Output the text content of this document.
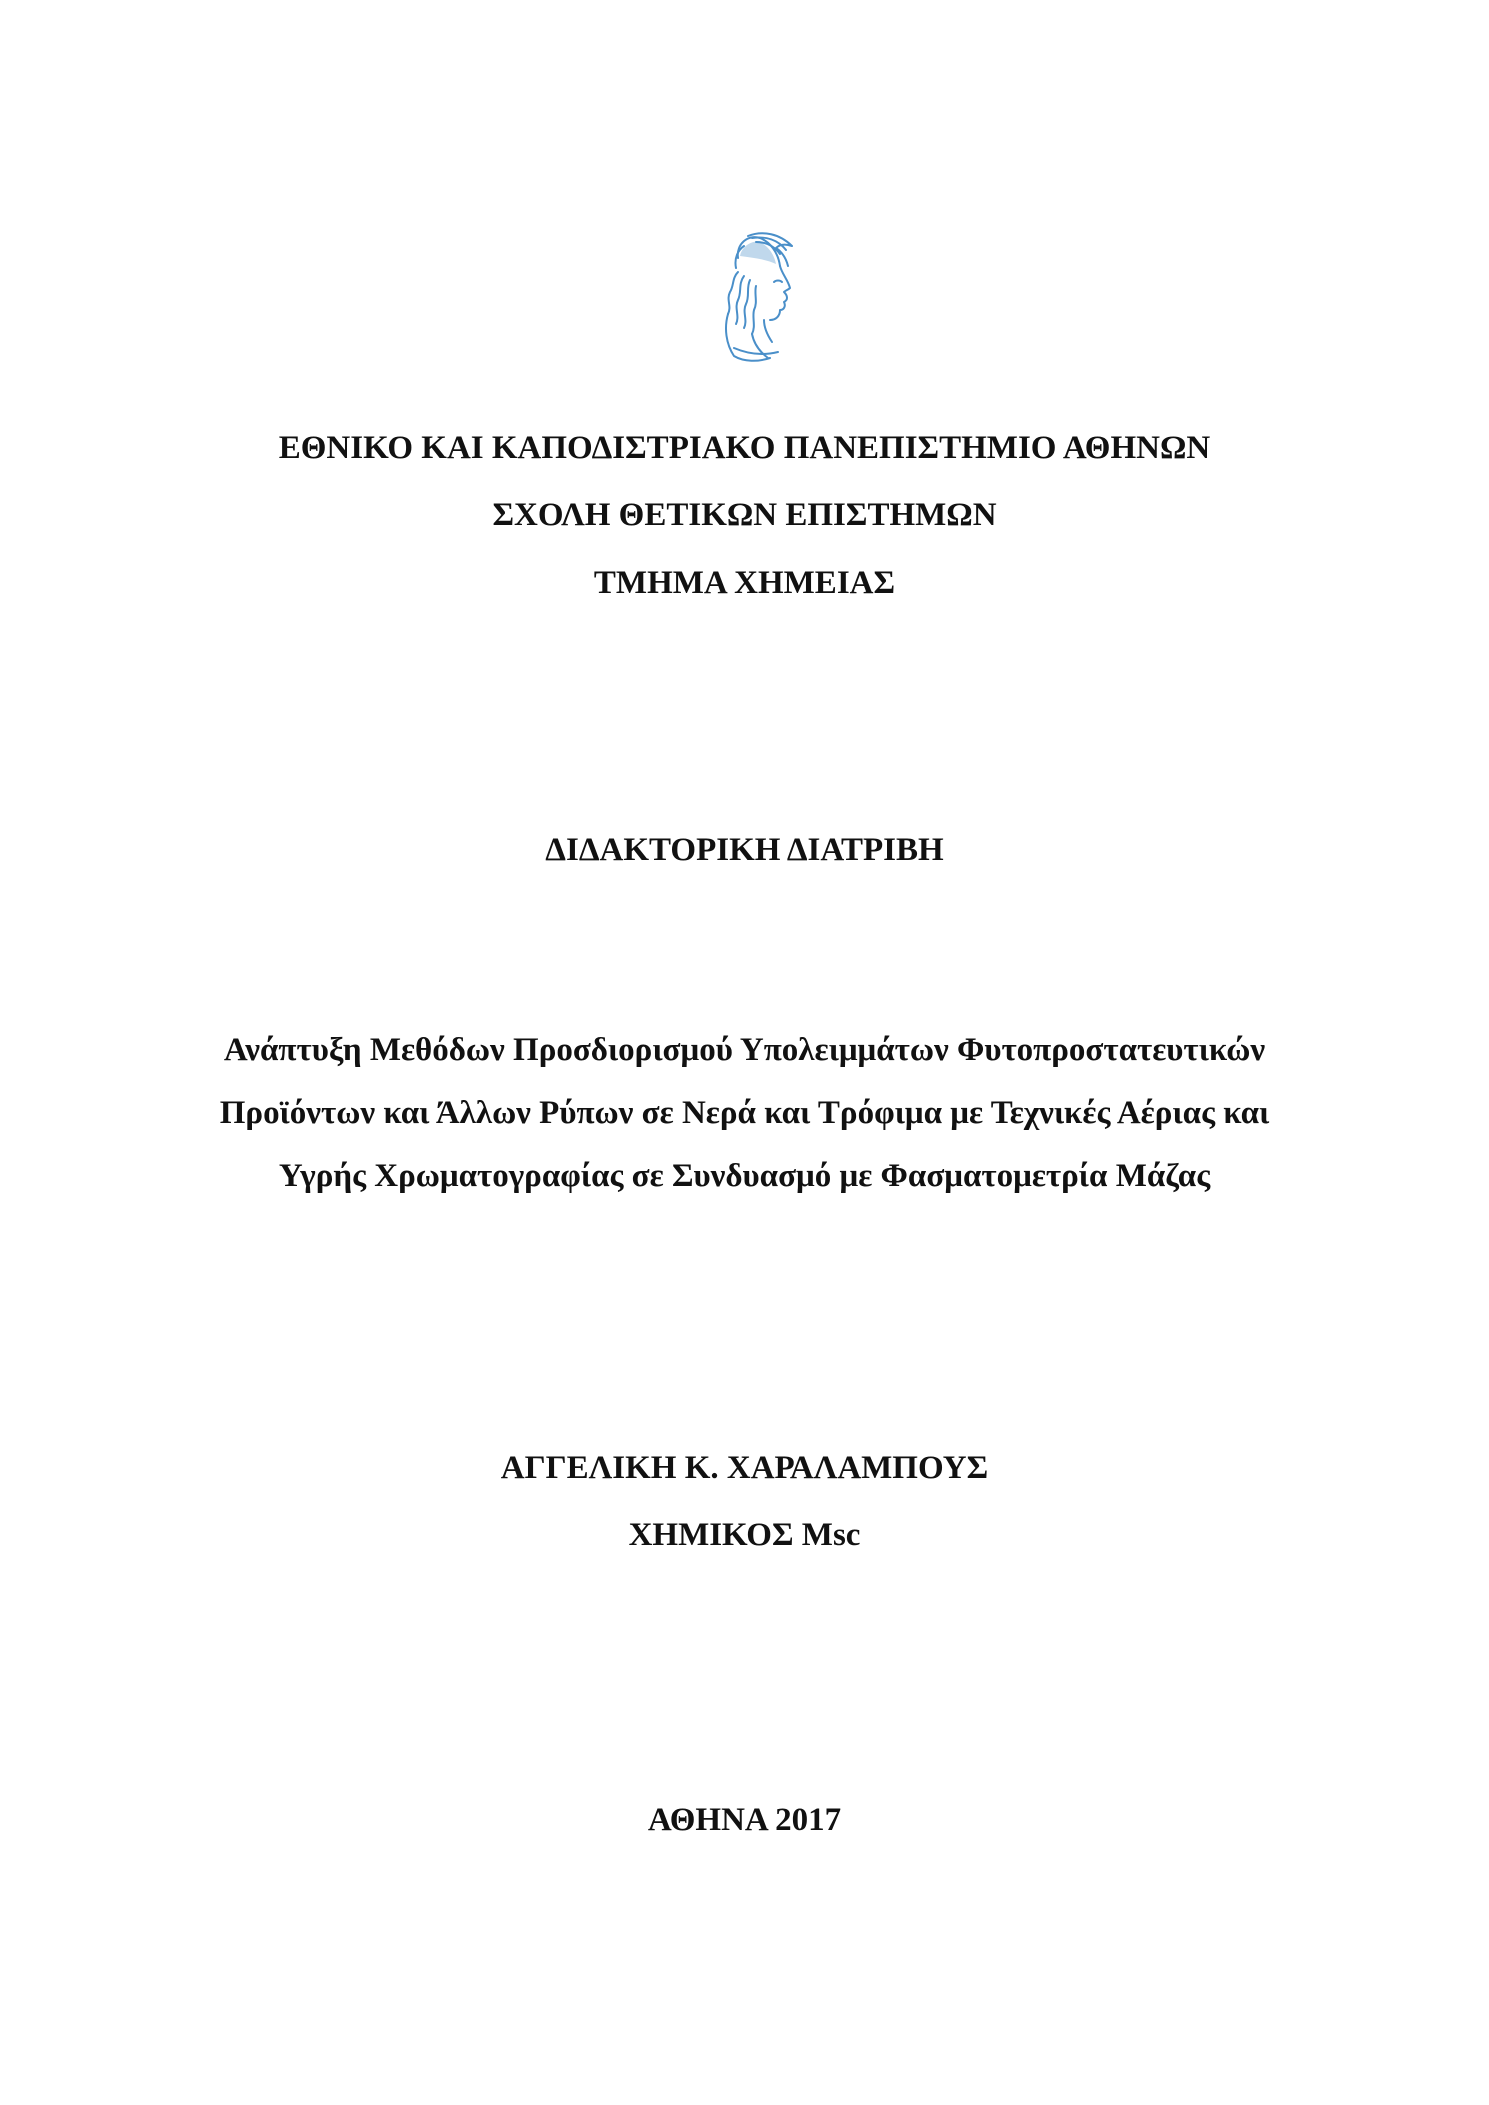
ΕΘΝΙΚΟ ΚΑΙ ΚΑΠΟΔΙΣΤΡΙΑΚΟ ΠΑΝΕΠΙΣΤΗΜΙΟ ΑΘΗΝΩΝ
ΣΧΟΛΗ ΘΕΤΙΚΩΝ ΕΠΙΣΤΗΜΩΝ
ΤΜΗΜΑ ΧΗΜΕΙΑΣ
ΔΙΔΑΚΤΟΡΙΚΗ ΔΙΑΤΡΙΒΗ
Ανάπτυξη Μεθόδων Προσδιορισμού Υπολειμμάτων Φυτοπροστατευτικών
Προϊόντων και Άλλων Ρύπων σε Νερά και Τρόφιμα με Τεχνικές Αέριας και
Υγρής Χρωματογραφίας σε Συνδυασμό με Φασματομετρία Μάζας
ΑΓΓΕΛΙΚΗ Κ. ΧΑΡΑΛΑΜΠΟΥΣ
ΧΗΜΙΚΟΣ Msc
ΑΘΗΝΑ 2017
